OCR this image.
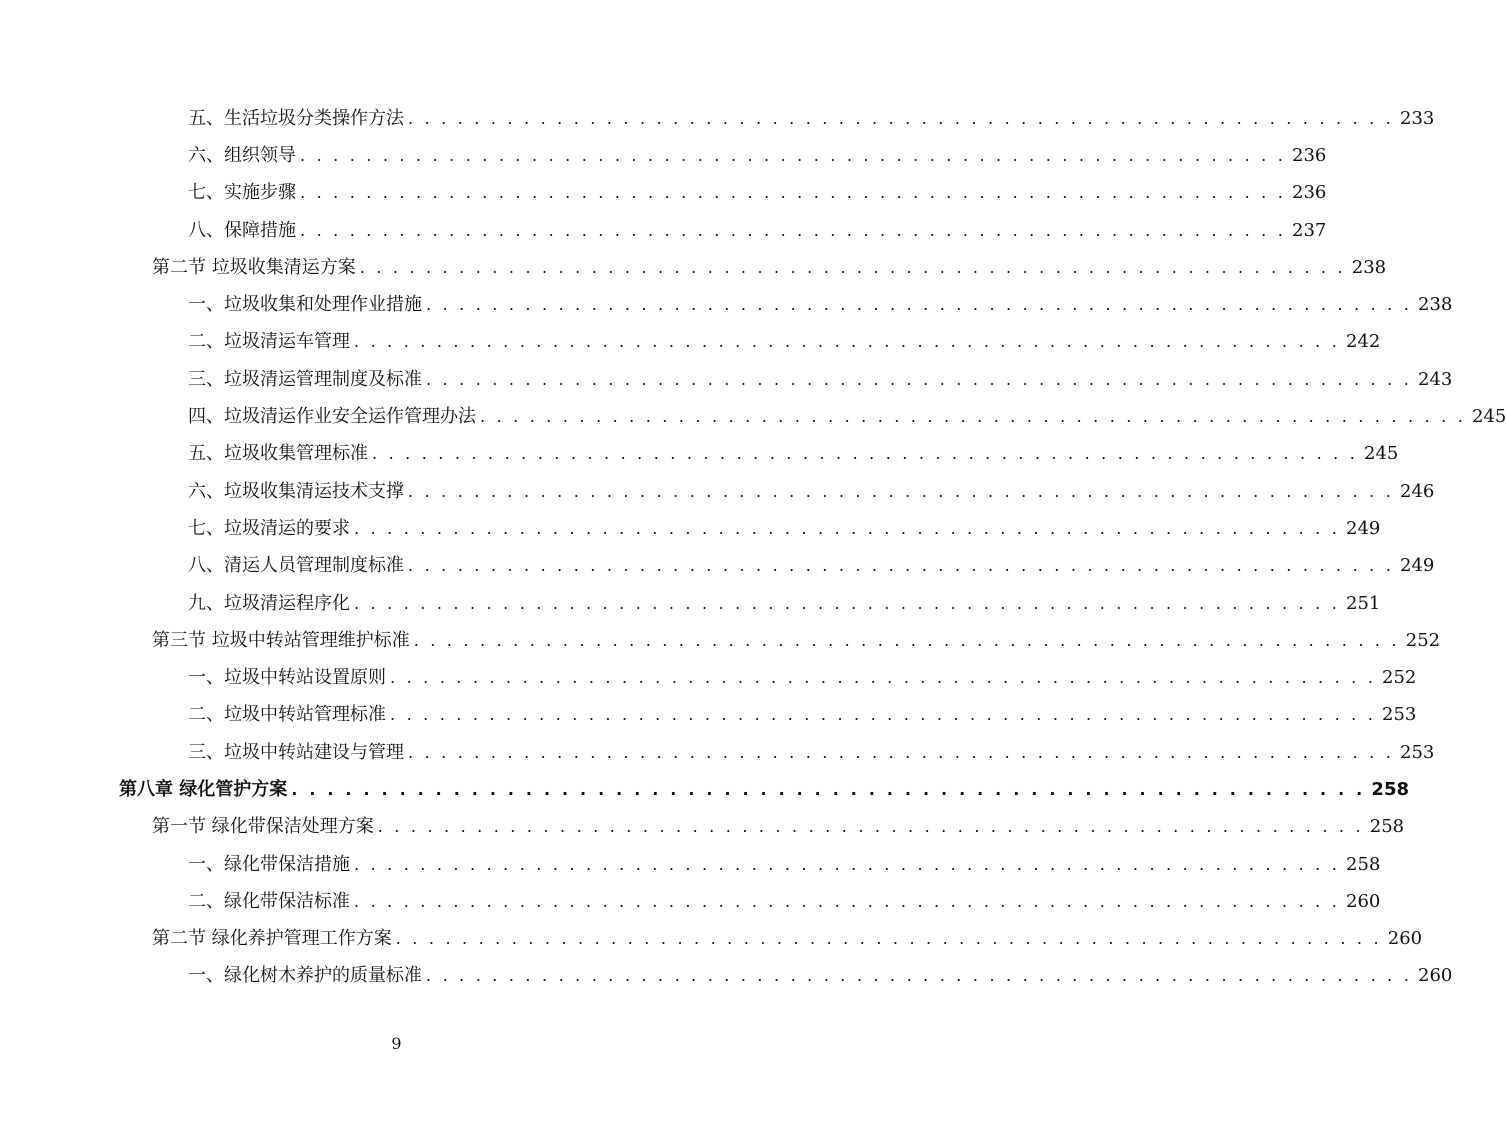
五、生活垃圾分类操作方法 . . . . . . . . . . . . . . . . . . . . . . . . . . . . . . . . . . . . . . . . . . . . . . . . . . . . . . . . . . . . 233
六、组织领导 . . . . . . . . . . . . . . . . . . . . . . . . . . . . . . . . . . . . . . . . . . . . . . . . . . . . . . . . . . . . 236
七、实施步骤 . . . . . . . . . . . . . . . . . . . . . . . . . . . . . . . . . . . . . . . . . . . . . . . . . . . . . . . . . . . . 236
八、保障措施 . . . . . . . . . . . . . . . . . . . . . . . . . . . . . . . . . . . . . . . . . . . . . . . . . . . . . . . . . . . . 237
第二节 垃圾收集清运方案 . . . . . . . . . . . . . . . . . . . . . . . . . . . . . . . . . . . . . . . . . . . . . . . . . . . . . . . . . . . . 238
一、垃圾收集和处理作业措施 . . . . . . . . . . . . . . . . . . . . . . . . . . . . . . . . . . . . . . . . . . . . . . . . . . . . . . . . . . . . 238
二、垃圾清运车管理 . . . . . . . . . . . . . . . . . . . . . . . . . . . . . . . . . . . . . . . . . . . . . . . . . . . . . . . . . . . . 242
三、垃圾清运管理制度及标准 . . . . . . . . . . . . . . . . . . . . . . . . . . . . . . . . . . . . . . . . . . . . . . . . . . . . . . . . . . . . 243
四、垃圾清运作业安全运作管理办法 . . . . . . . . . . . . . . . . . . . . . . . . . . . . . . . . . . . . . . . . . . . . . . . . . . . . . . . . . . . . 245
五、垃圾收集管理标准 . . . . . . . . . . . . . . . . . . . . . . . . . . . . . . . . . . . . . . . . . . . . . . . . . . . . . . . . . . . . 245
六、垃圾收集清运技术支撑 . . . . . . . . . . . . . . . . . . . . . . . . . . . . . . . . . . . . . . . . . . . . . . . . . . . . . . . . . . . . 246
七、垃圾清运的要求 . . . . . . . . . . . . . . . . . . . . . . . . . . . . . . . . . . . . . . . . . . . . . . . . . . . . . . . . . . . . 249
八、清运人员管理制度标准 . . . . . . . . . . . . . . . . . . . . . . . . . . . . . . . . . . . . . . . . . . . . . . . . . . . . . . . . . . . . 249
九、垃圾清运程序化 . . . . . . . . . . . . . . . . . . . . . . . . . . . . . . . . . . . . . . . . . . . . . . . . . . . . . . . . . . . . 251
第三节 垃圾中转站管理维护标准 . . . . . . . . . . . . . . . . . . . . . . . . . . . . . . . . . . . . . . . . . . . . . . . . . . . . . . . . . . . . 252
一、垃圾中转站设置原则 . . . . . . . . . . . . . . . . . . . . . . . . . . . . . . . . . . . . . . . . . . . . . . . . . . . . . . . . . . . . 252
二、垃圾中转站管理标准 . . . . . . . . . . . . . . . . . . . . . . . . . . . . . . . . . . . . . . . . . . . . . . . . . . . . . . . . . . . . 253
三、垃圾中转站建设与管理 . . . . . . . . . . . . . . . . . . . . . . . . . . . . . . . . . . . . . . . . . . . . . . . . . . . . . . . . . . . . 253
第八章 绿化管护方案 . . . . . . . . . . . . . . . . . . . . . . . . . . . . . . . . . . . . . . . . . . . . . . . . . . . . . . . . . . . . 258
第一节 绿化带保洁处理方案 . . . . . . . . . . . . . . . . . . . . . . . . . . . . . . . . . . . . . . . . . . . . . . . . . . . . . . . . . . . . 258
一、绿化带保洁措施 . . . . . . . . . . . . . . . . . . . . . . . . . . . . . . . . . . . . . . . . . . . . . . . . . . . . . . . . . . . . 258
二、绿化带保洁标准 . . . . . . . . . . . . . . . . . . . . . . . . . . . . . . . . . . . . . . . . . . . . . . . . . . . . . . . . . . . . 260
第二节 绿化养护管理工作方案 . . . . . . . . . . . . . . . . . . . . . . . . . . . . . . . . . . . . . . . . . . . . . . . . . . . . . . . . . . . . 260
一、绿化树木养护的质量标准 . . . . . . . . . . . . . . . . . . . . . . . . . . . . . . . . . . . . . . . . . . . . . . . . . . . . . . . . . . . . 260
9
